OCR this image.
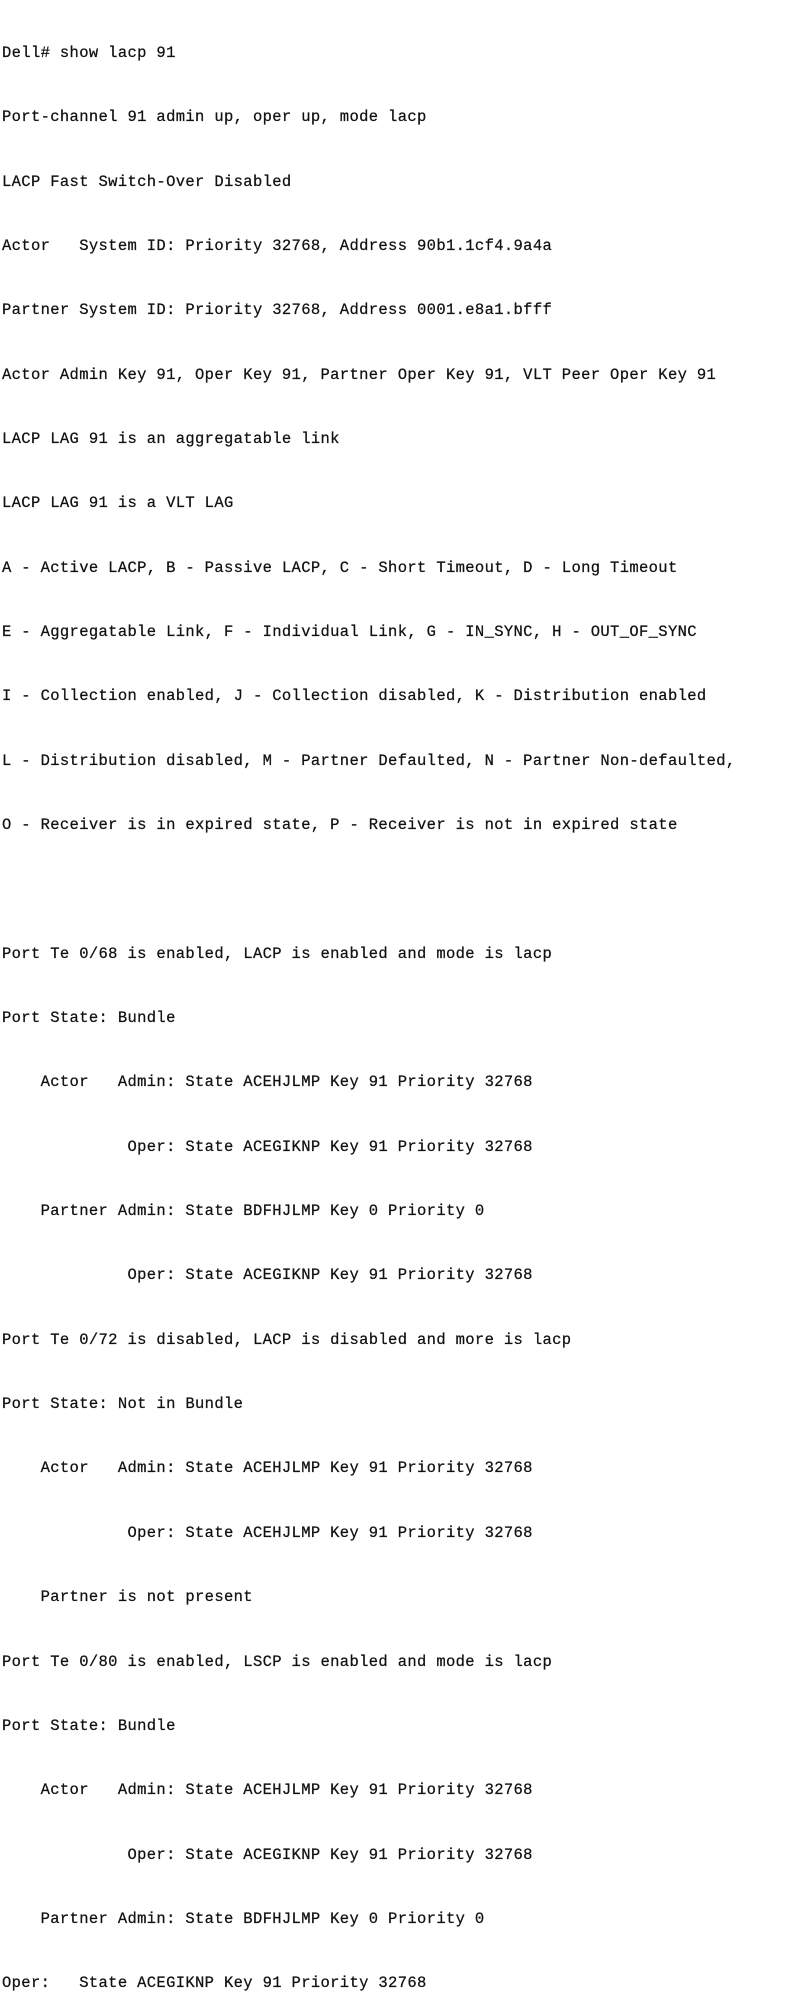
Dell# show lacp 91

Port-channel 91 admin up, oper up, mode lacp

LACP Fast Switch-Over Disabled

Actor   System ID: Priority 32768, Address 90b1.1cf4.9a4a

Partner System ID: Priority 32768, Address 0001.e8a1.bfff

Actor Admin Key 91, Oper Key 91, Partner Oper Key 91, VLT Peer Oper Key 91

LACP LAG 91 is an aggregatable link

LACP LAG 91 is a VLT LAG

A - Active LACP, B - Passive LACP, C - Short Timeout, D - Long Timeout

E - Aggregatable Link, F - Individual Link, G - IN_SYNC, H - OUT_OF_SYNC

I - Collection enabled, J - Collection disabled, K - Distribution enabled

L - Distribution disabled, M - Partner Defaulted, N - Partner Non-defaulted,

O - Receiver is in expired state, P - Receiver is not in expired state

Port Te 0/68 is enabled, LACP is enabled and mode is lacp

Port State: Bundle

Actor   Admin: State ACEHJLMP Key 91 Priority 32768

Oper: State ACEGIKNP Key 91 Priority 32768

Partner Admin: State BDFHJLMP Key 0 Priority 0

Oper: State ACEGIKNP Key 91 Priority 32768

Port Te 0/72 is disabled, LACP is disabled and more is lacp

Port State: Not in Bundle

Actor   Admin: State ACEHJLMP Key 91 Priority 32768

Oper: State ACEHJLMP Key 91 Priority 32768

Partner is not present

Port Te 0/80 is enabled, LSCP is enabled and mode is lacp

Port State: Bundle

Actor   Admin: State ACEHJLMP Key 91 Priority 32768

Oper: State ACEGIKNP Key 91 Priority 32768

Partner Admin: State BDFHJLMP Key 0 Priority 0

Oper:   State ACEGIKNP Key 91 Priority 32768
